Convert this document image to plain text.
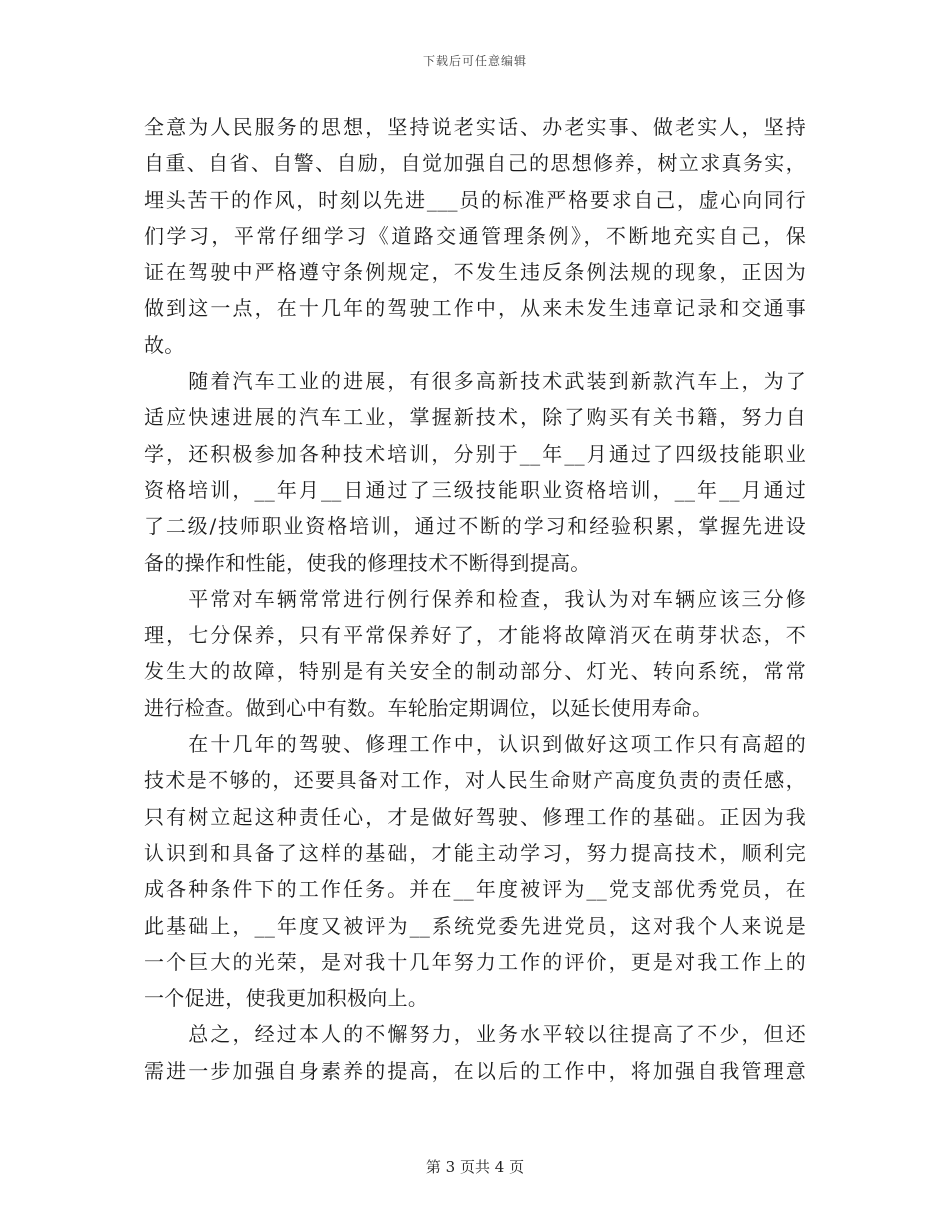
下载后可任意编辑
全意为人民服务的思想，坚持说老实话、办老实事、做老实人，坚持
自重、自省、自警、自励，自觉加强自己的思想修养，树立求真务实，
埋头苦干的作风，时刻以先进___员的标准严格要求自己，虚心向同行
们学习，平常仔细学习《道路交通管理条例》，不断地充实自己，保
证在驾驶中严格遵守条例规定，不发生违反条例法规的现象，正因为
做到这一点，在十几年的驾驶工作中，从来未发生违章记录和交通事
故。
　　随着汽车工业的进展，有很多高新技术武装到新款汽车上，为了
适应快速进展的汽车工业，掌握新技术，除了购买有关书籍，努力自
学，还积极参加各种技术培训，分别于__年__月通过了四级技能职业
资格培训，__年月__日通过了三级技能职业资格培训，__年__月通过
了二级/技师职业资格培训，通过不断的学习和经验积累，掌握先进设
备的操作和性能，使我的修理技术不断得到提高。
　　平常对车辆常常进行例行保养和检查，我认为对车辆应该三分修
理，七分保养，只有平常保养好了，才能将故障消灭在萌芽状态，不
发生大的故障，特别是有关安全的制动部分、灯光、转向系统，常常
进行检查。做到心中有数。车轮胎定期调位，以延长使用寿命。
　　在十几年的驾驶、修理工作中，认识到做好这项工作只有高超的
技术是不够的，还要具备对工作，对人民生命财产高度负责的责任感，
只有树立起这种责任心，才是做好驾驶、修理工作的基础。正因为我
认识到和具备了这样的基础，才能主动学习，努力提高技术，顺利完
成各种条件下的工作任务。并在__年度被评为__党支部优秀党员，在
此基础上，__年度又被评为__系统党委先进党员，这对我个人来说是
一个巨大的光荣，是对我十几年努力工作的评价，更是对我工作上的
一个促进，使我更加积极向上。
　　总之，经过本人的不懈努力，业务水平较以往提高了不少，但还
需进一步加强自身素养的提高，在以后的工作中，将加强自我管理意
第 3 页共 4 页
